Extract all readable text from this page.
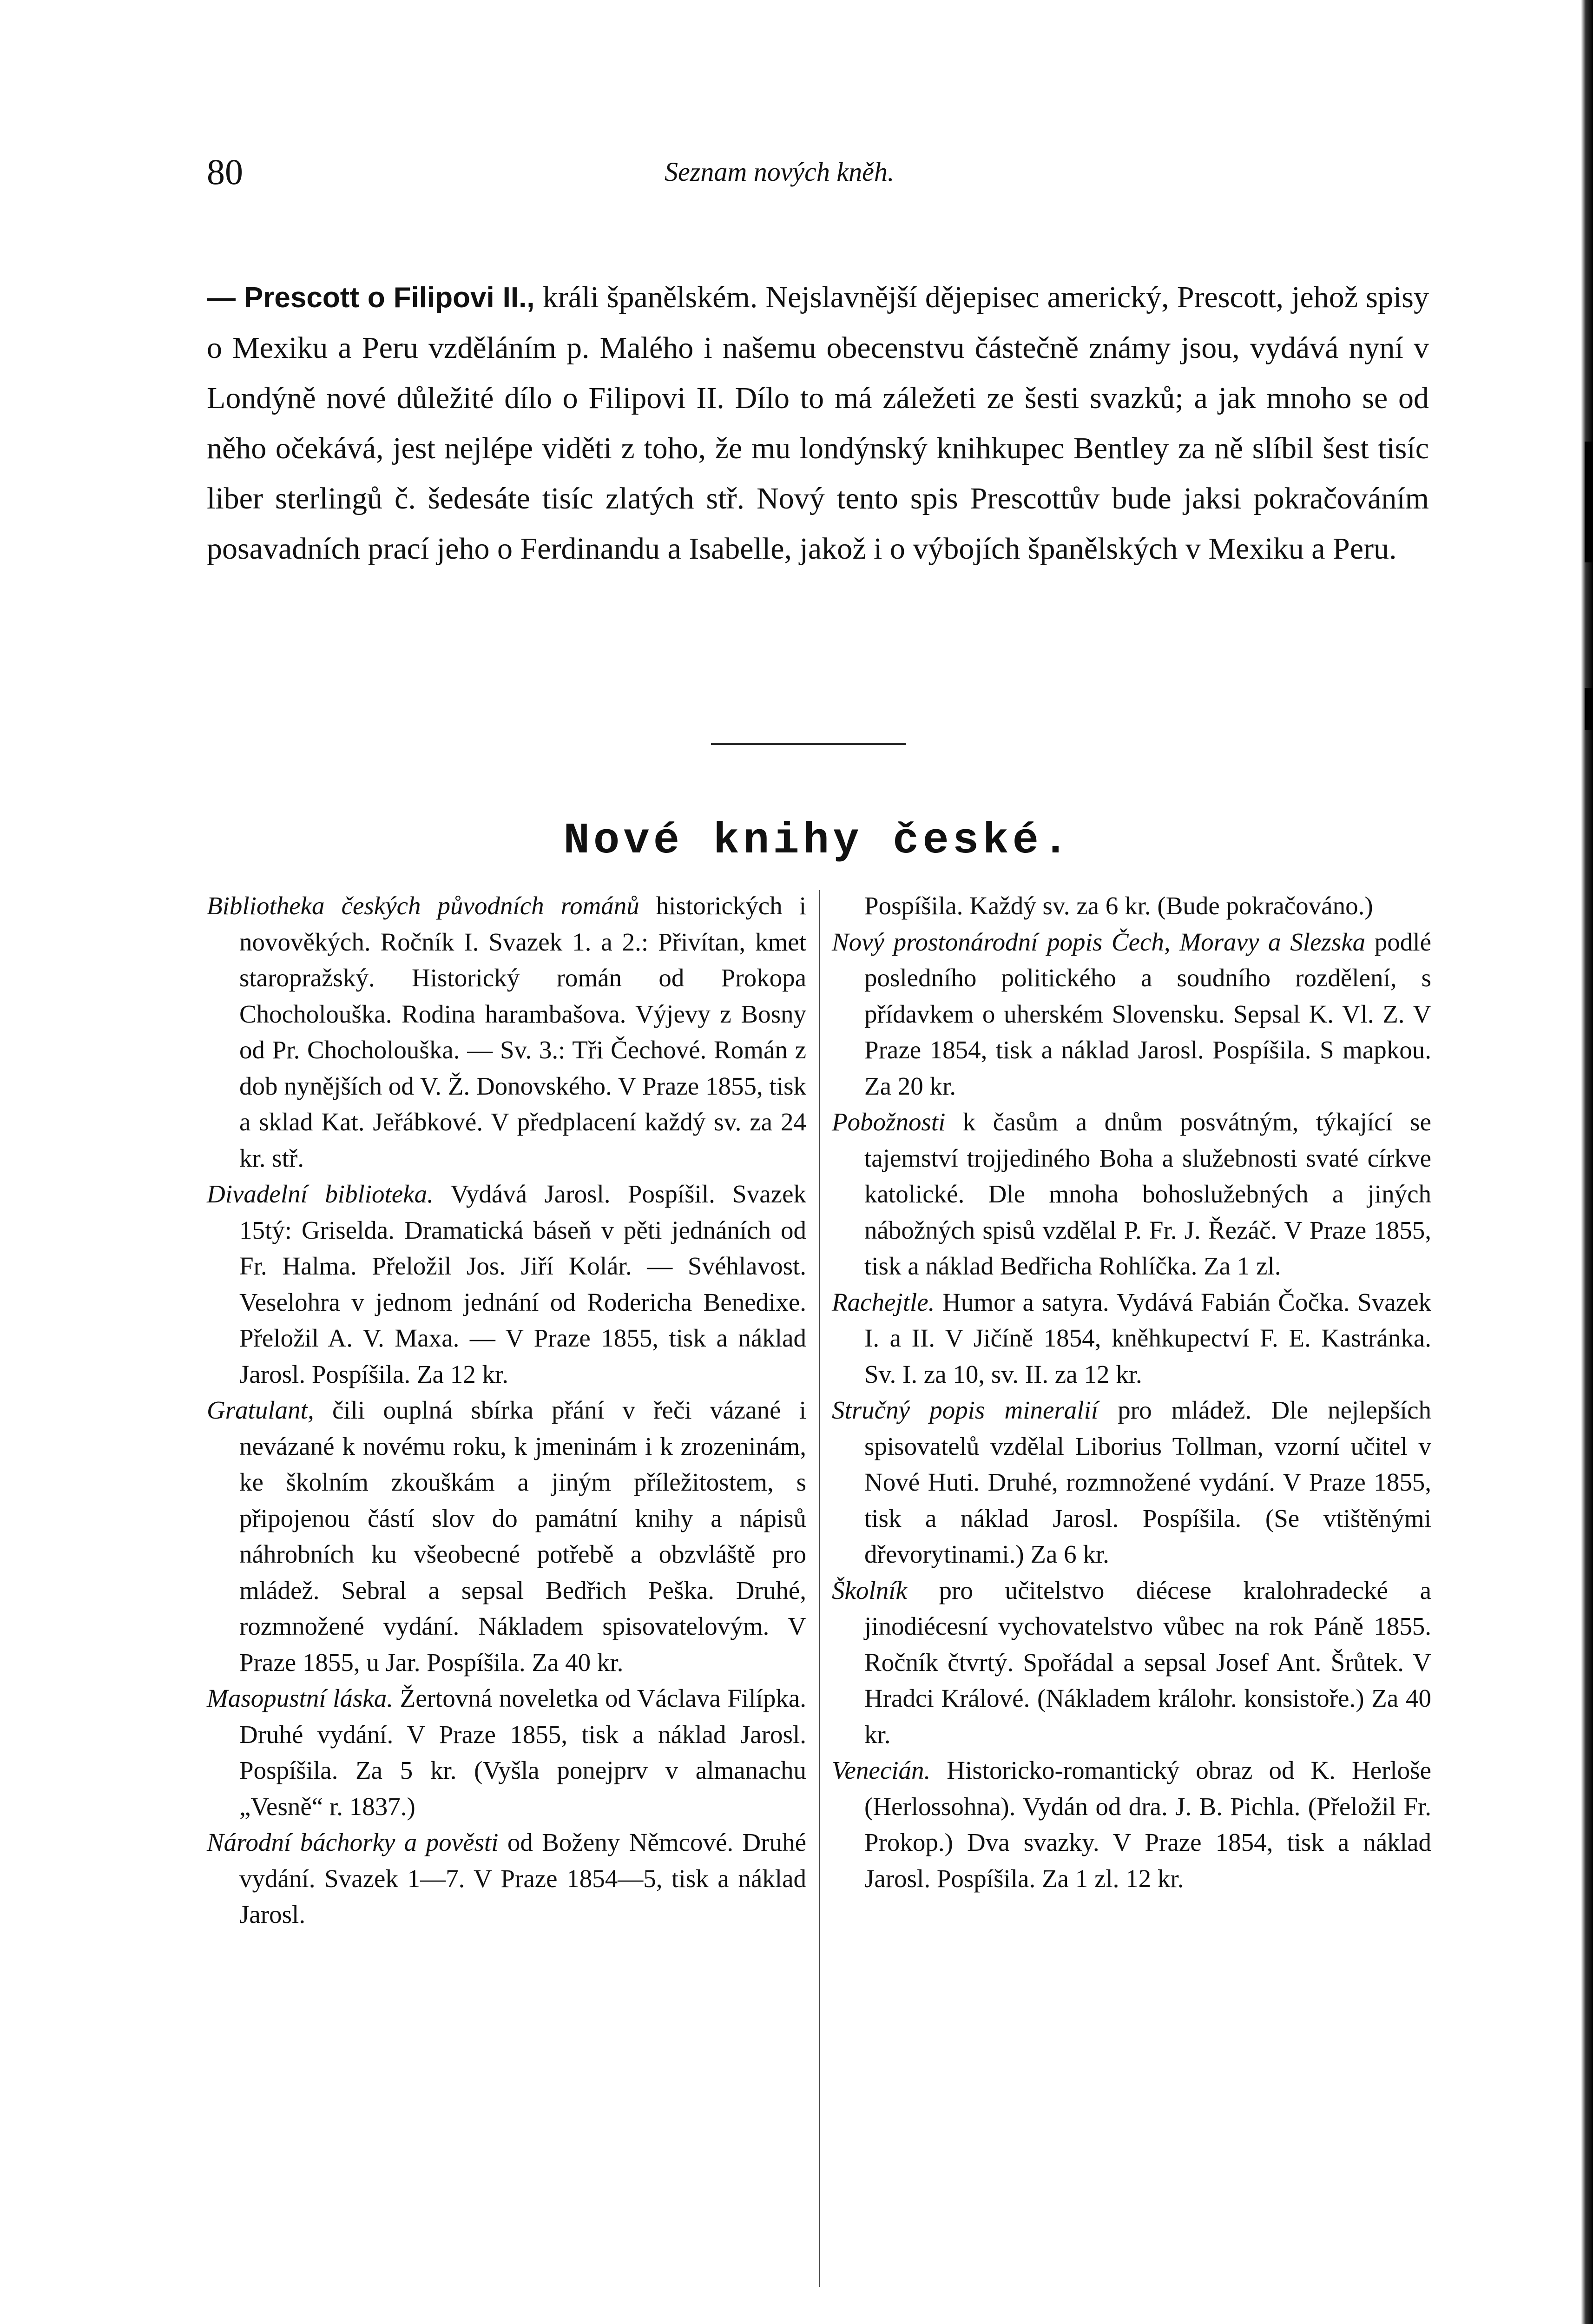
80	Seznam nových kněh.

— Prescott o Filipovi II., králi španělském. Nejslavnější dějepisec americký, Prescott, jehož spisy o Mexiku a Peru vzděláním p. Malého i našemu obecenstvu částečně známy jsou, vydává nyní v Londýně nové důležité dílo o Filipovi II. Dílo to má záležeti ze šesti svazků; a jak mnoho se od něho očekává, jest nejlépe viděti z toho, že mu londýnský knihkupec Bentley za ně slíbil šest tisíc liber sterlingů č. šedesáte tisíc zlatých stř. Nový tento spis Prescottův bude jaksi pokračováním posavadních prací jeho o Ferdinandu a Isabelle, jakož i o výbojích španělských v Mexiku a Peru.

Nové knihy české.

Bibliotheka českých původních románů historických i novověkých. Ročník I. Svazek 1. a 2.: Přivítan, kmet staropražský. Historický román od Prokopa Chocholouška. Rodina harambašova. Výjevy z Bosny od Pr. Chocholouška. — Sv. 3.: Tři Čechové. Román z dob nynějších od V. Ž. Donovského. V Praze 1855, tisk a sklad Kat. Jeřábkové. V předplacení každý sv. za 24 kr. stř.

Divadelní biblioteka. Vydává Jarosl. Pospíšil. Svazek 15tý: Griselda. Dramatická báseň v pěti jednáních od Fr. Halma. Přeložil Jos. Jiří Kolár. — Svéhlavost. Veselohra v jednom jednání od Rodericha Benedixe. Přeložil A. V. Maxa. — V Praze 1855, tisk a náklad Jarosl. Pospíšila. Za 12 kr.

Gratulant, čili ouplná sbírka přání v řeči vázané i nevázané k novému roku, k jmeninám i k zrozeninám, ke školním zkouškám a jiným příležitostem, s připojenou částí slov do památní knihy a nápisů náhrobních ku všeobecné potřebě a obzvláště pro mládež. Sebral a sepsal Bedřich Peška. Druhé, rozmnožené vydání. Nákladem spisovatelovým. V Praze 1855, u Jar. Pospíšila. Za 40 kr.

Masopustní láska. Žertovná noveletka od Václava Filípka. Druhé vydání. V Praze 1855, tisk a náklad Jarosl. Pospíšila. Za 5 kr. (Vyšla ponejprv v almanachu „Vesně“ r. 1837.)

Národní báchorky a pověsti od Boženy Němcové. Druhé vydání. Svazek 1—7. V Praze 1854—5, tisk a náklad Jarosl.

Pospíšila. Každý sv. za 6 kr. (Bude pokračováno.)

Nový prostonárodní popis Čech, Moravy a Slezska podlé posledního politického a soudního rozdělení, s přídavkem o uherském Slovensku. Sepsal K. Vl. Z. V Praze 1854, tisk a náklad Jarosl. Pospíšila. S mapkou. Za 20 kr.

Pobožnosti k časům a dnům posvátným, týkající se tajemství trojjediného Boha a služebnosti svaté církve katolické. Dle mnoha bohoslužebných a jiných nábožných spisů vzdělal P. Fr. J. Řezáč. V Praze 1855, tisk a náklad Bedřicha Rohlíčka. Za 1 zl.

Rachejtle. Humor a satyra. Vydává Fabián Čočka. Svazek I. a II. V Jičíně 1854, kněhkupectví F. E. Kastránka. Sv. I. za 10, sv. II. za 12 kr.

Stručný popis mineralií pro mládež. Dle nejlepších spisovatelů vzdělal Liborius Tollman, vzorní učitel v Nové Huti. Druhé, rozmnožené vydání. V Praze 1855, tisk a náklad Jarosl. Pospíšila. (Se vtištěnými dřevorytinami.) Za 6 kr.

Školník pro učitelstvo diécese kralohradecké a jinodiécesní vychovatelstvo vůbec na rok Páně 1855. Ročník čtvrtý. Spořádal a sepsal Josef Ant. Šrůtek. V Hradci Králové. (Nákladem králohr. konsistoře.) Za 40 kr.

Venecián. Historicko-romantický obraz od K. Herloše (Herlossohna). Vydán od dra. J. B. Pichla. (Přeložil Fr. Prokop.) Dva svazky. V Praze 1854, tisk a náklad Jarosl. Pospíšila. Za 1 zl. 12 kr.
